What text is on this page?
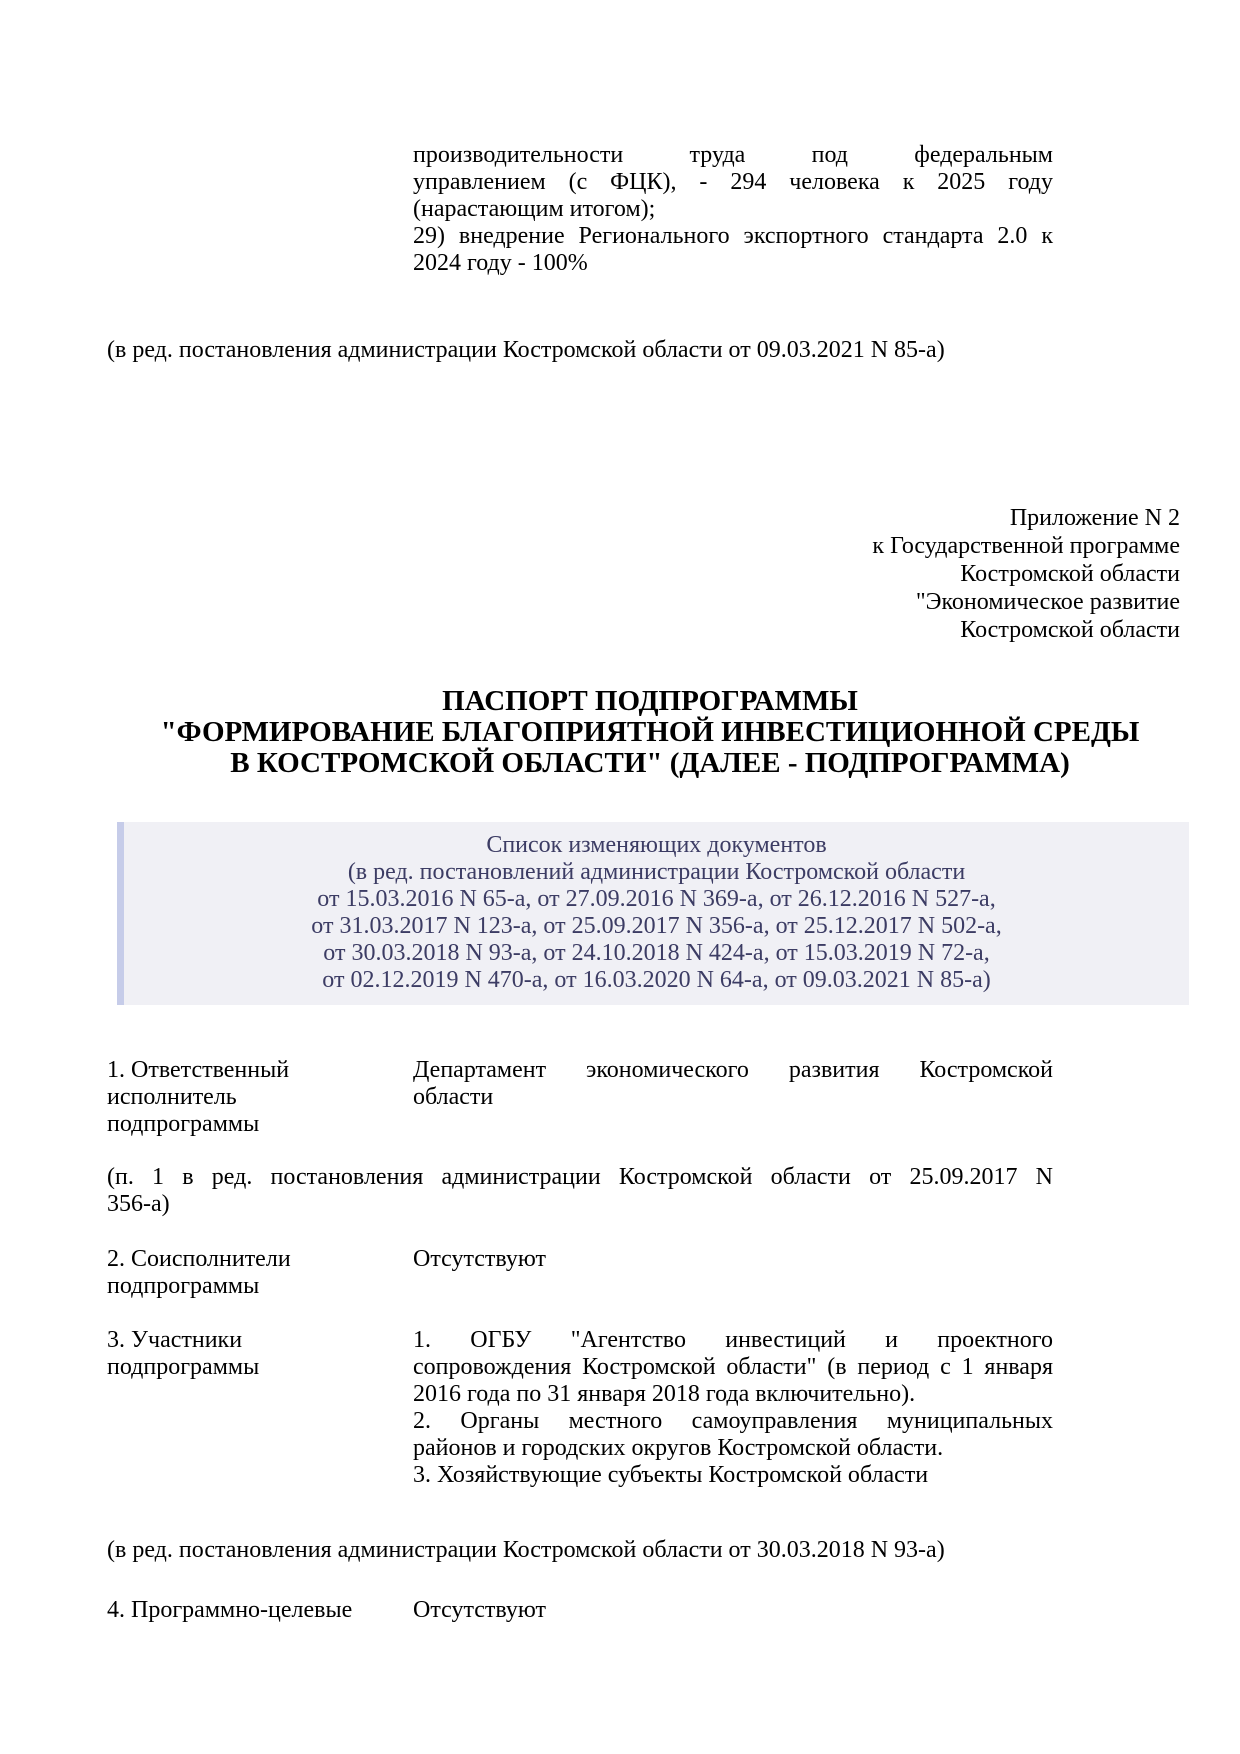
производительности труда под федеральным
управлением (с ФЦК), - 294 человека к 2025 году
(нарастающим итогом);
29) внедрение Регионального экспортного стандарта 2.0 к
2024 году - 100%
(в ред. постановления администрации Костромской области от 09.03.2021 N 85-а)
Приложение N 2
к Государственной программе
Костромской области
"Экономическое развитие
Костромской области
ПАСПОРТ ПОДПРОГРАММЫ
"ФОРМИРОВАНИЕ БЛАГОПРИЯТНОЙ ИНВЕСТИЦИОННОЙ СРЕДЫ
В КОСТРОМСКОЙ ОБЛАСТИ" (ДАЛЕЕ - ПОДПРОГРАММА)
Список изменяющих документов
(в ред. постановлений администрации Костромской области
от 15.03.2016 N 65-а, от 27.09.2016 N 369-а, от 26.12.2016 N 527-а,
от 31.03.2017 N 123-а, от 25.09.2017 N 356-а, от 25.12.2017 N 502-а,
от 30.03.2018 N 93-а, от 24.10.2018 N 424-а, от 15.03.2019 N 72-а,
от 02.12.2019 N 470-а, от 16.03.2020 N 64-а, от 09.03.2021 N 85-а)
1. Ответственный
исполнитель
подпрограммы
Департамент экономического развития Костромской
области
(п. 1 в ред. постановления администрации Костромской области от 25.09.2017 N
356-а)
2. Соисполнители
подпрограммы
Отсутствуют
3. Участники
подпрограммы
1. ОГБУ "Агентство инвестиций и проектного
сопровождения Костромской области" (в период с 1 января
2016 года по 31 января 2018 года включительно).
2. Органы местного самоуправления муниципальных
районов и городских округов Костромской области.
3. Хозяйствующие субъекты Костромской области
(в ред. постановления администрации Костромской области от 30.03.2018 N 93-а)
4. Программно-целевые	Отсутствуют
